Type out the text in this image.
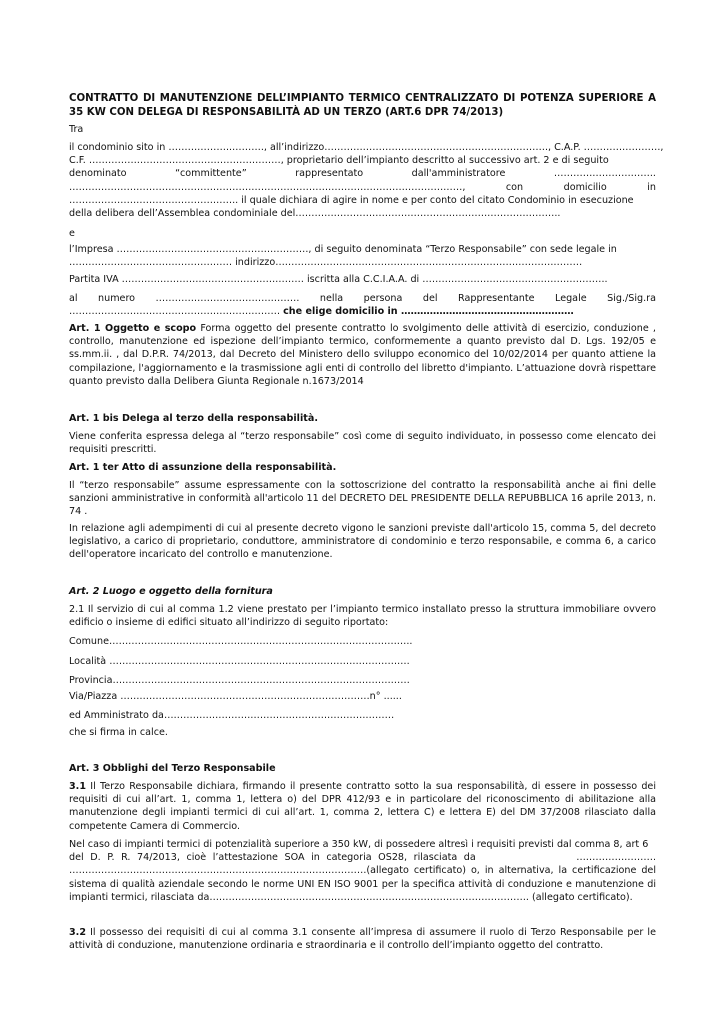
CONTRATTO DI MANUTENZIONE DELL’IMPIANTO TERMICO CENTRALIZZATO DI POTENZA SUPERIORE A 35 KW CON DELEGA DI RESPONSABILITÀ AD UN TERZO (ART.6 DPR 74/2013)

Tra

il condominio sito in ………………..………., all’indirizzo……………………………………………………………., C.A.P. ……………………,
C.F. ……………………………………………………, proprietario dell’impianto descritto al successivo art. 2 e di seguito
denominato	“committente”	rappresentato	dall'amministratore	…………………………..
……………………………………………………………………………………………………………,	con	domicilio	in
…………………………………………….. il quale dichiara di agire in nome e per conto del citato Condominio in esecuzione
della delibera dell’Assemblea condominiale del………………………………………………………………………..

e

l’Impresa ……………………………………………………, di seguito denominata “Terzo Responsabile” con sede legale in
…………………………………………… indirizzo……………………………………………………………………………………
Partita IVA ………………………………………………… iscritta alla C.C.I.A.A. di ………………………………………………….
al numero ……………………………………… nella persona del Rappresentante Legale Sig./Sig.ra
………………………………………………………… che elige domicilio in ………………………………………………

Art. 1 Oggetto e scopo Forma oggetto del presente contratto lo svolgimento delle attività di esercizio, conduzione , controllo, manutenzione ed ispezione dell’impianto termico, conformemente a quanto previsto dal D. Lgs. 192/05 e ss.mm.ii. , dal D.P.R. 74/2013, dal Decreto del Ministero dello sviluppo economico del 10/02/2014 per quanto attiene la compilazione, l'aggiornamento e la trasmissione agli enti di controllo del libretto d'impianto. L’attuazione dovrà rispettare quanto previsto dalla Delibera Giunta Regionale n.1673/2014

Art. 1 bis Delega al terzo della responsabilità.

Viene conferita espressa delega al “terzo responsabile” così come di seguito individuato, in possesso come elencato dei requisiti prescritti.

Art. 1 ter Atto di assunzione della responsabilità.

Il “terzo responsabile” assume espressamente con la sottoscrizione del contratto la responsabilità anche ai fini delle sanzioni amministrative in conformità all'articolo 11 del DECRETO DEL PRESIDENTE DELLA REPUBBLICA 16 aprile 2013, n. 74 .

In relazione agli adempimenti di cui al presente decreto vigono le sanzioni previste dall'articolo 15, comma 5, del decreto legislativo, a carico di proprietario, conduttore, amministratore di condominio e terzo responsabile, e comma 6, a carico dell'operatore incaricato del controllo e manutenzione.

Art. 2 Luogo e oggetto della fornitura

2.1 Il servizio di cui al comma 1.2 viene prestato per l’impianto termico installato presso la struttura immobiliare ovvero edificio o insieme di edifici situato all’indirizzo di seguito riportato:

Comune…………………………………………………………………………………..

Località ………………………………………………………………………………….

Provincia…………………………………………………………………………………

Via/Piazza ……………………………………………………………………n° ......

ed Amministrato da………………………………………………………………

che si firma in calce.

Art. 3 Obblighi del Terzo Responsabile

3.1 Il Terzo Responsabile dichiara, firmando il presente contratto sotto la sua responsabilità, di essere in possesso dei requisiti di cui all’art. 1, comma 1, lettera o) del DPR 412/93 e in particolare del riconoscimento di abilitazione alla manutenzione degli impianti termici di cui all’art. 1, comma 2, lettera C) e lettera E) del DM 37/2008 rilasciato dalla competente Camera di Commercio.

Nel caso di impianti termici di potenzialità superiore a 350 kW, di possedere altresì i requisiti previsti dal comma 8, art 6
del D. P. R. 74/2013, cioè l’attestazione SOA in categoria OS28, rilasciata da	…………………….

…………………………………………………………………………………(allegato certificato) o, in alternativa, la certificazione del sistema di qualità aziendale secondo le norme UNI EN ISO 9001 per la specifica attività di conduzione e manutenzione di impianti termici, rilasciata da………………………………………………………………………………………. (allegato certificato).

3.2 Il possesso dei requisiti di cui al comma 3.1 consente all’impresa di assumere il ruolo di Terzo Responsabile per le attività di conduzione, manutenzione ordinaria e straordinaria e il controllo dell’impianto oggetto del contratto.
